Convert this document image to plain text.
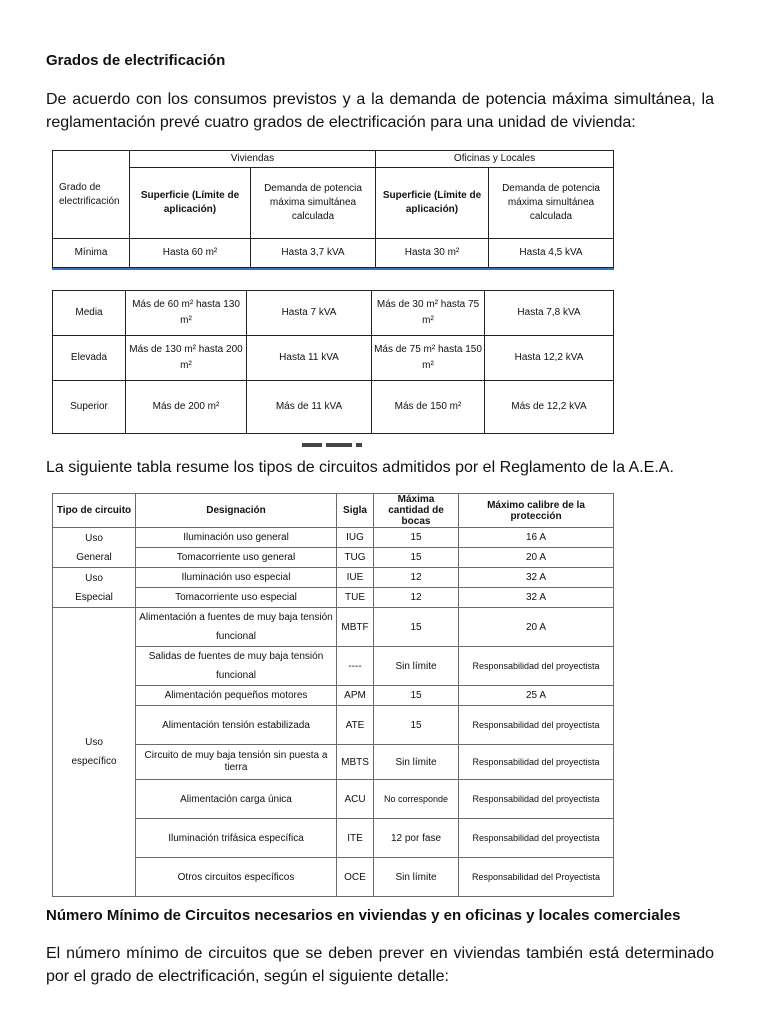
Grados de electrificación
De acuerdo con los consumos previstos y a la demanda de potencia máxima simultánea, la reglamentación prevé cuatro grados de electrificación para una unidad de vivienda:
Grado de electrificación	Viviendas		Oficinas y Locales	
	Superficie (Límite de aplicación)	Demanda de potencia máxima simultánea calculada	Superficie (Límite de aplicación)	Demanda de potencia máxima simultánea calculada
Mínima	Hasta 60 m²	Hasta 3,7 kVA	Hasta 30 m²	Hasta 4,5 kVA
Media	Más de 60 m² hasta 130 m²	Hasta 7 kVA	Más de 30 m² hasta 75 m²	Hasta 7,8 kVA
Elevada	Más de 130 m² hasta 200 m²	Hasta 11 kVA	Más de 75 m² hasta 150 m²	Hasta 12,2 kVA
Superior	Más de 200 m²	Más de 11 kVA	Más de 150 m²	Más de 12,2 kVA
La siguiente tabla resume los tipos de circuitos admitidos por el Reglamento de la A.E.A.
Tipo de circuito	Designación	Sigla	Máxima cantidad de bocas	Máximo calibre de la protección

Uso
General	Iluminación uso general	IUG	15	16 A
	Tomacorriente uso general	TUG	15	20 A

Uso
Especial	Iluminación uso especial	IUE	12	32 A
	Tomacorriente uso especial	TUE	12	32 A

Uso
específico	Alimentación a fuentes de muy baja tensión funcional	MBTF	15	20 A
	Salidas de fuentes de muy baja tensión funcional	----	Sin límite	Responsabilidad del proyectista
	Alimentación pequeños motores	APM	15	25 A
	Alimentación tensión estabilizada	ATE	15	Responsabilidad del proyectista
	Circuito de muy baja tensión sin puesta a tierra	MBTS	Sin límite	Responsabilidad del proyectista
	Alimentación carga única	ACU	No corresponde	Responsabilidad del proyectista
	Iluminación trifásica específica	ITE	12 por fase	Responsabilidad del proyectista
	Otros circuitos específicos	OCE	Sin límite	Responsabilidad del Proyectista
Número Mínimo de Circuitos necesarios en viviendas y en oficinas y locales comerciales
El número mínimo de circuitos que se deben prever en viviendas también está determinado por el grado de electrificación, según el siguiente detalle:
